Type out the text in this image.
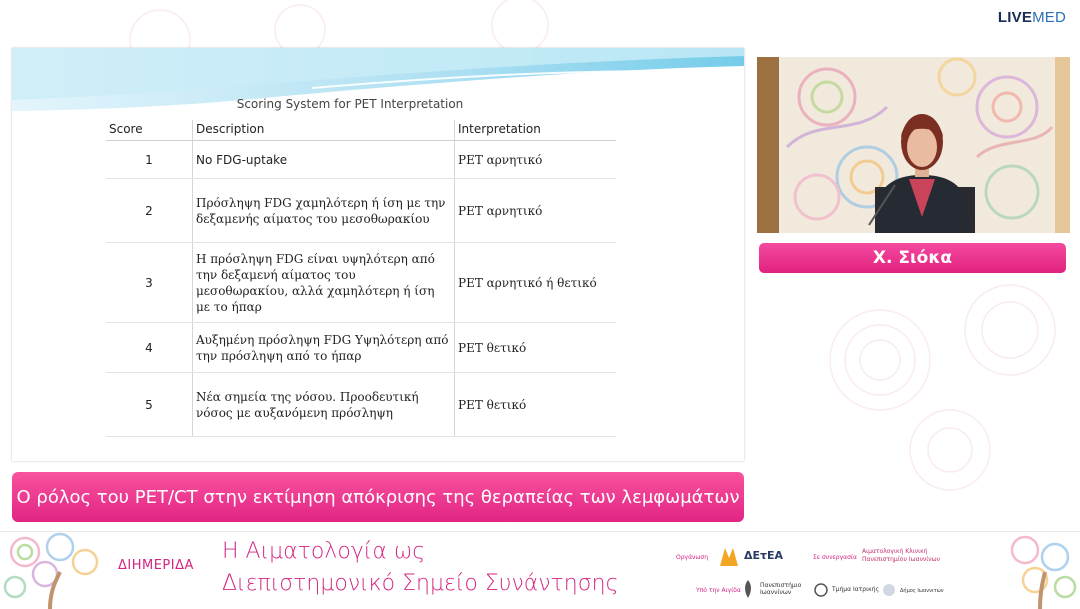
LIVEMED
Scoring System for PET Interpretation
Score	Description	Interpretation
1	No FDG-uptake	PET αρνητικό
2	Πρόσληψη FDG χαμηλότερη ή ίση με την δεξαμενής αίματος του μεσοθωρακίου	PET αρνητικό
3	Η πρόσληψη FDG είναι υψηλότερη από την δεξαμενή αίματος του μεσοθωρακίου, αλλά χαμηλότερη ή ίση με το ήπαρ	PET αρνητικό ή θετικό
4	Αυξημένη πρόσληψη FDG Υψηλότερη από την πρόσληψη από το ήπαρ	PET θετικό
5	Νέα σημεία της νόσου. Προοδευτική νόσος με αυξανόμενη πρόσληψη	PET θετικό
Χ. Σιόκα
Ο ρόλος του PET/CT στην εκτίμηση απόκρισης της θεραπείας των λεμφωμάτων
ΔΙΗΜΕΡΙΔΑ
Η Αιματολογία ως
Διεπιστημονικό Σημείο Συνάντησης
Οργάνωση	ΔΕτΕΑ	Σε συνεργασία
Αιματολογική Κλινική Πανεπιστημίου Ιωαννίνων
Υπό την Αιγίδα
Πανεπιστήμιο Ιωαννίνων	Τμήμα Ιατρικής	Δήμος Ιωαννιτών
